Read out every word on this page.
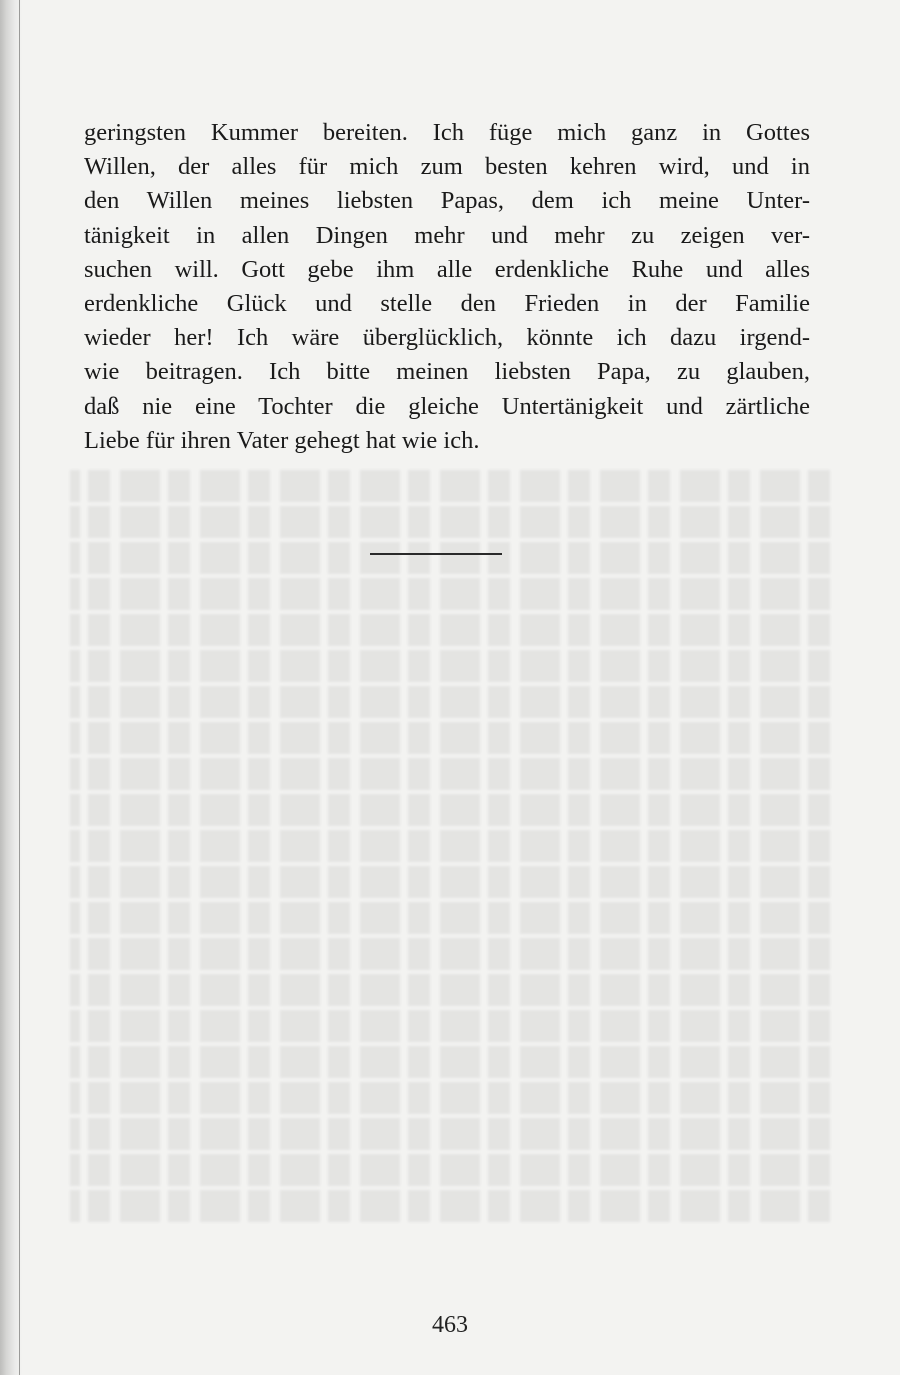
geringsten Kummer bereiten. Ich füge mich ganz in Gottes
Willen, der alles für mich zum besten kehren wird, und in
den Willen meines liebsten Papas, dem ich meine Unter-
tänigkeit in allen Dingen mehr und mehr zu zeigen ver-
suchen will. Gott gebe ihm alle erdenkliche Ruhe und alles
erdenkliche Glück und stelle den Frieden in der Familie
wieder her! Ich wäre überglücklich, könnte ich dazu irgend-
wie beitragen. Ich bitte meinen liebsten Papa, zu glauben,
daß nie eine Tochter die gleiche Untertänigkeit und zärtliche
Liebe für ihren Vater gehegt hat wie ich.
463
